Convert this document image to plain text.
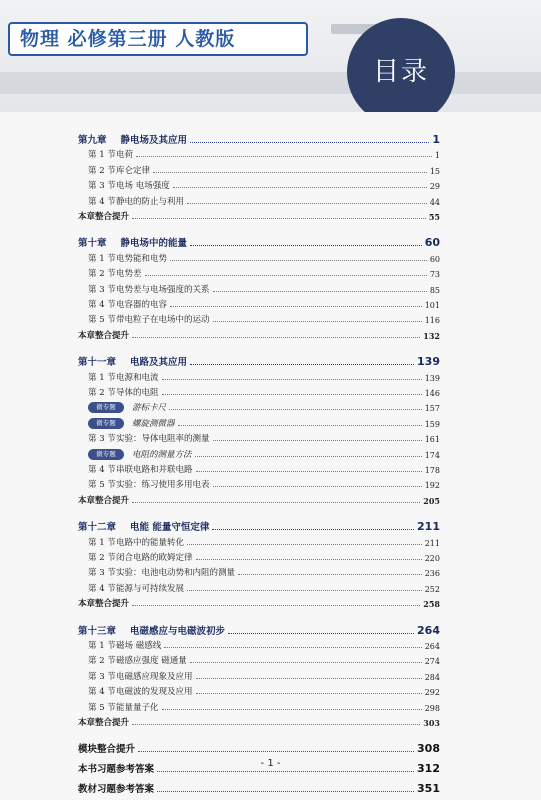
物理 必修第三册 人教版
目录
第九章 静电场及其应用	1
第 1 节 电荷	1
第 2 节 库仑定律	15
第 3 节 电场 电场强度	29
第 4 节 静电的防止与利用	44
本章整合提升	55
第十章 静电场中的能量	60
第 1 节 电势能和电势	60
第 2 节 电势差	73
第 3 节 电势差与电场强度的关系	85
第 4 节 电容器的电容	101
第 5 节 带电粒子在电场中的运动	116
本章整合提升	132
第十一章 电路及其应用	139
第 1 节 电源和电流	139
第 2 节 导体的电阻	146
微专题	游标卡尺	157
微专题	螺旋测微器	159
第 3 节 实验：导体电阻率的测量	161
微专题	电阻的测量方法	174
第 4 节 串联电路和并联电路	178
第 5 节 实验：练习使用多用电表	192
本章整合提升	205
第十二章 电能 能量守恒定律	211
第 1 节 电路中的能量转化	211
第 2 节 闭合电路的欧姆定律	220
第 3 节 实验：电池电动势和内阻的测量	236
第 4 节 能源与可持续发展	252
本章整合提升	258
第十三章 电磁感应与电磁波初步	264
第 1 节 磁场 磁感线	264
第 2 节 磁感应强度 磁通量	274
第 3 节 电磁感应现象及应用	284
第 4 节 电磁波的发现及应用	292
第 5 节 能量量子化	298
本章整合提升	303
模块整合提升	308
本书习题参考答案	312
教材习题参考答案	351
- 1 -
